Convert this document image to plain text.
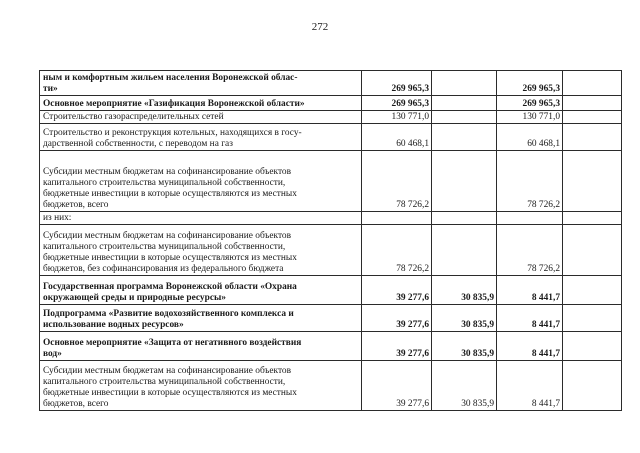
272
ным и комфортным жильем населения Воронежской облас-
ти»	269 965,3		269 965,3	
Основное мероприятие «Газификация Воронежской области»	269 965,3		269 965,3	
Строительство газораспределительных сетей	130 771,0		130 771,0	
Строительство и реконструкция котельных, находящихся в госу-
дарственной собственности, с переводом на газ	60 468,1		60 468,1	
Субсидии местным бюджетам на софинансирование объектов
капитального строительства муниципальной собственности,
бюджетные инвестиции в которые осуществляются из местных
бюджетов, всего	78 726,2		78 726,2	
из них:				
Субсидии местным бюджетам на софинансирование объектов
капитального строительства муниципальной собственности,
бюджетные инвестиции в которые осуществляются из местных
бюджетов, без софинансирования из федерального бюджета	78 726,2		78 726,2	
Государственная программа Воронежской области «Охрана
окружающей среды и природные ресурсы»	39 277,6	30 835,9	8 441,7	
Подпрограмма «Развитие водохозяйственного комплекса и
использование водных ресурсов»	39 277,6	30 835,9	8 441,7	
Основное мероприятие «Защита от негативного воздействия
вод»	39 277,6	30 835,9	8 441,7	
Субсидии местным бюджетам на софинансирование объектов
капитального строительства муниципальной собственности,
бюджетные инвестиции в которые осуществляются из местных
бюджетов, всего	39 277,6	30 835,9	8 441,7	
